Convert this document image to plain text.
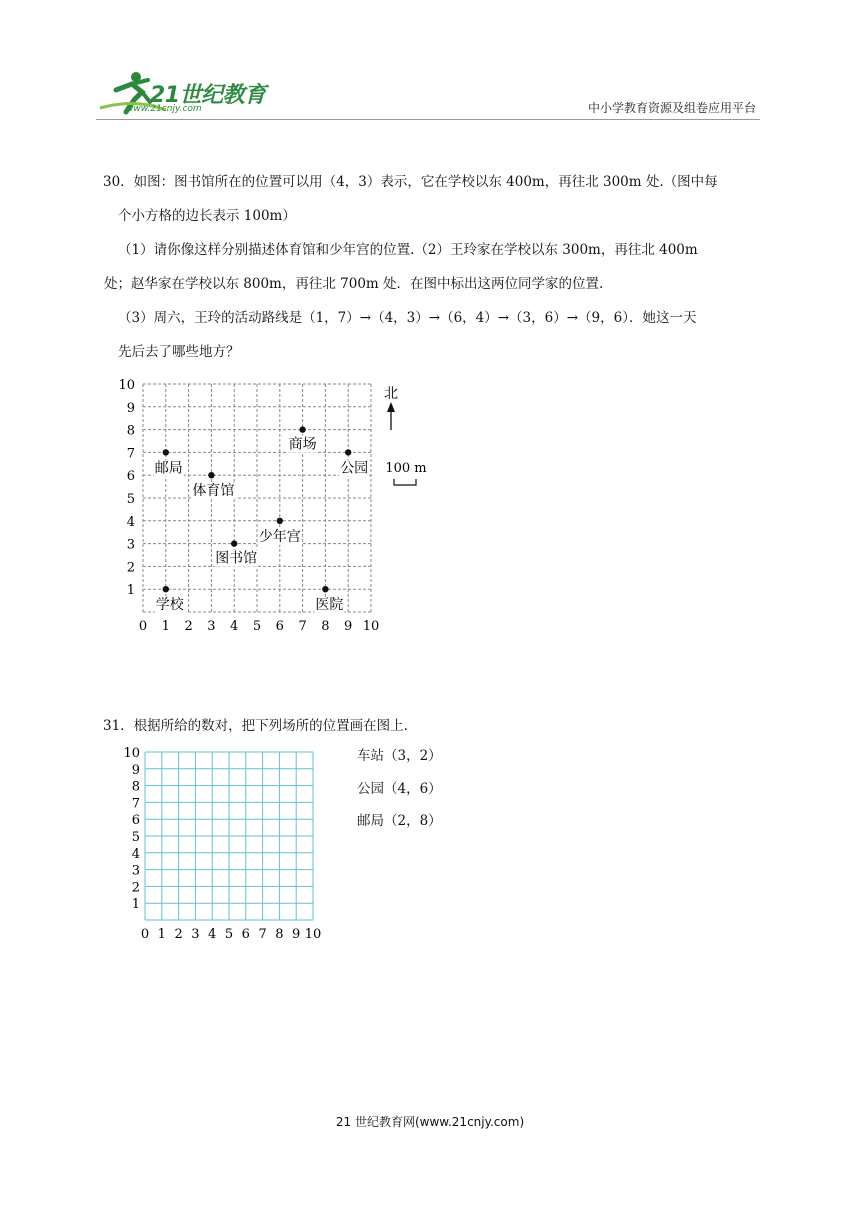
21世纪教育
www.21cnjy.com	中小学教育资源及组卷应用平台
30．如图：图书馆所在的位置可以用（4，3）表示，它在学校以东 400m，再往北 300m 处.（图中每
个小方格的边长表示 100m）
（1）请你像这样分别描述体育馆和少年宫的位置.（2）王玲家在学校以东 300m，再往北 400m
处；赵华家在学校以东 800m，再往北 700m 处．在图中标出这两位同学家的位置.
（3）周六，王玲的活动路线是（1，7）→（4，3）→（6，4）→（3，6）→（9，6）．她这一天
先后去了哪些地方？
0 1 2 3 4 5 6 7 8 9 10
1
2
3
4
5
6
7
8
9
10
邮局
商场
公园
体育馆
少年宫
图书馆
学校	医院
北
100 m
31．根据所给的数对，把下列场所的位置画在图上.
0 1 2 3 4 5 6 7 8 9 10
1
2
3
4
5
6
7
8
9
10	车站（3，2）
公园（4，6）
邮局（2，8）
21 世纪教育网(www.21cnjy.com)
